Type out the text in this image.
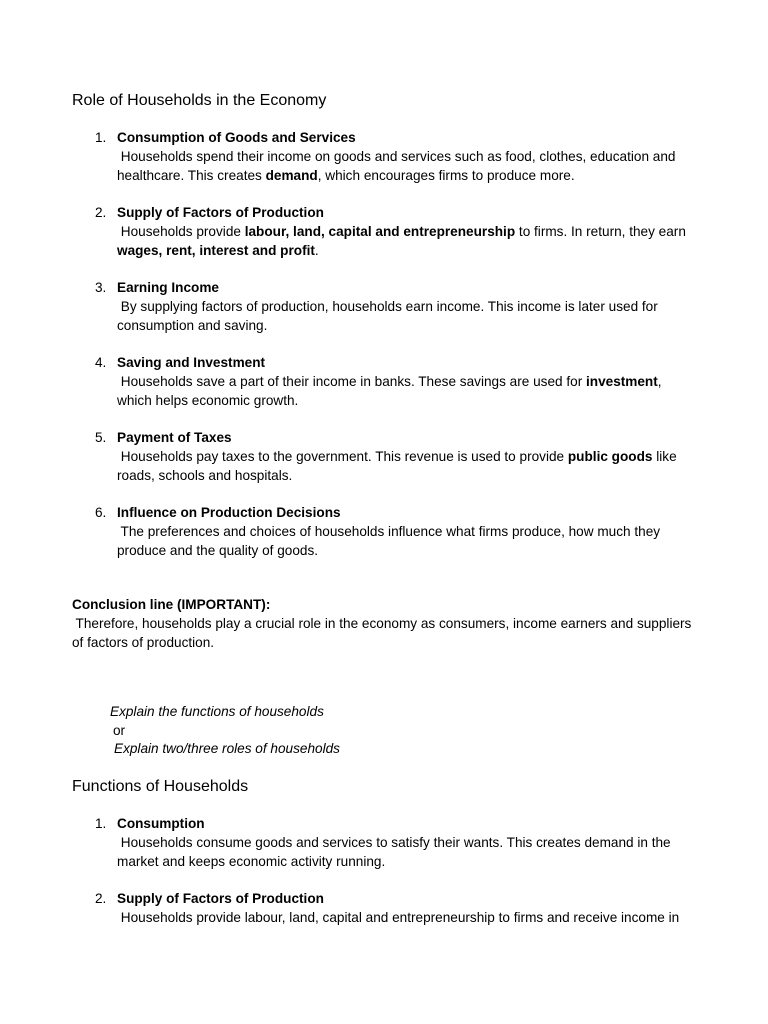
Role of Households in the Economy
1. Consumption of Goods and Services
Households spend their income on goods and services such as food, clothes, education and healthcare. This creates demand, which encourages firms to produce more.
2. Supply of Factors of Production
Households provide labour, land, capital and entrepreneurship to firms. In return, they earn wages, rent, interest and profit.
3. Earning Income
By supplying factors of production, households earn income. This income is later used for consumption and saving.
4. Saving and Investment
Households save a part of their income in banks. These savings are used for investment, which helps economic growth.
5. Payment of Taxes
Households pay taxes to the government. This revenue is used to provide public goods like roads, schools and hospitals.
6. Influence on Production Decisions
The preferences and choices of households influence what firms produce, how much they produce and the quality of goods.
Conclusion line (IMPORTANT):
Therefore, households play a crucial role in the economy as consumers, income earners and suppliers of factors of production.
Explain the functions of households
or
Explain two/three roles of households
Functions of Households
1. Consumption
Households consume goods and services to satisfy their wants. This creates demand in the market and keeps economic activity running.
2. Supply of Factors of Production
Households provide labour, land, capital and entrepreneurship to firms and receive income in
